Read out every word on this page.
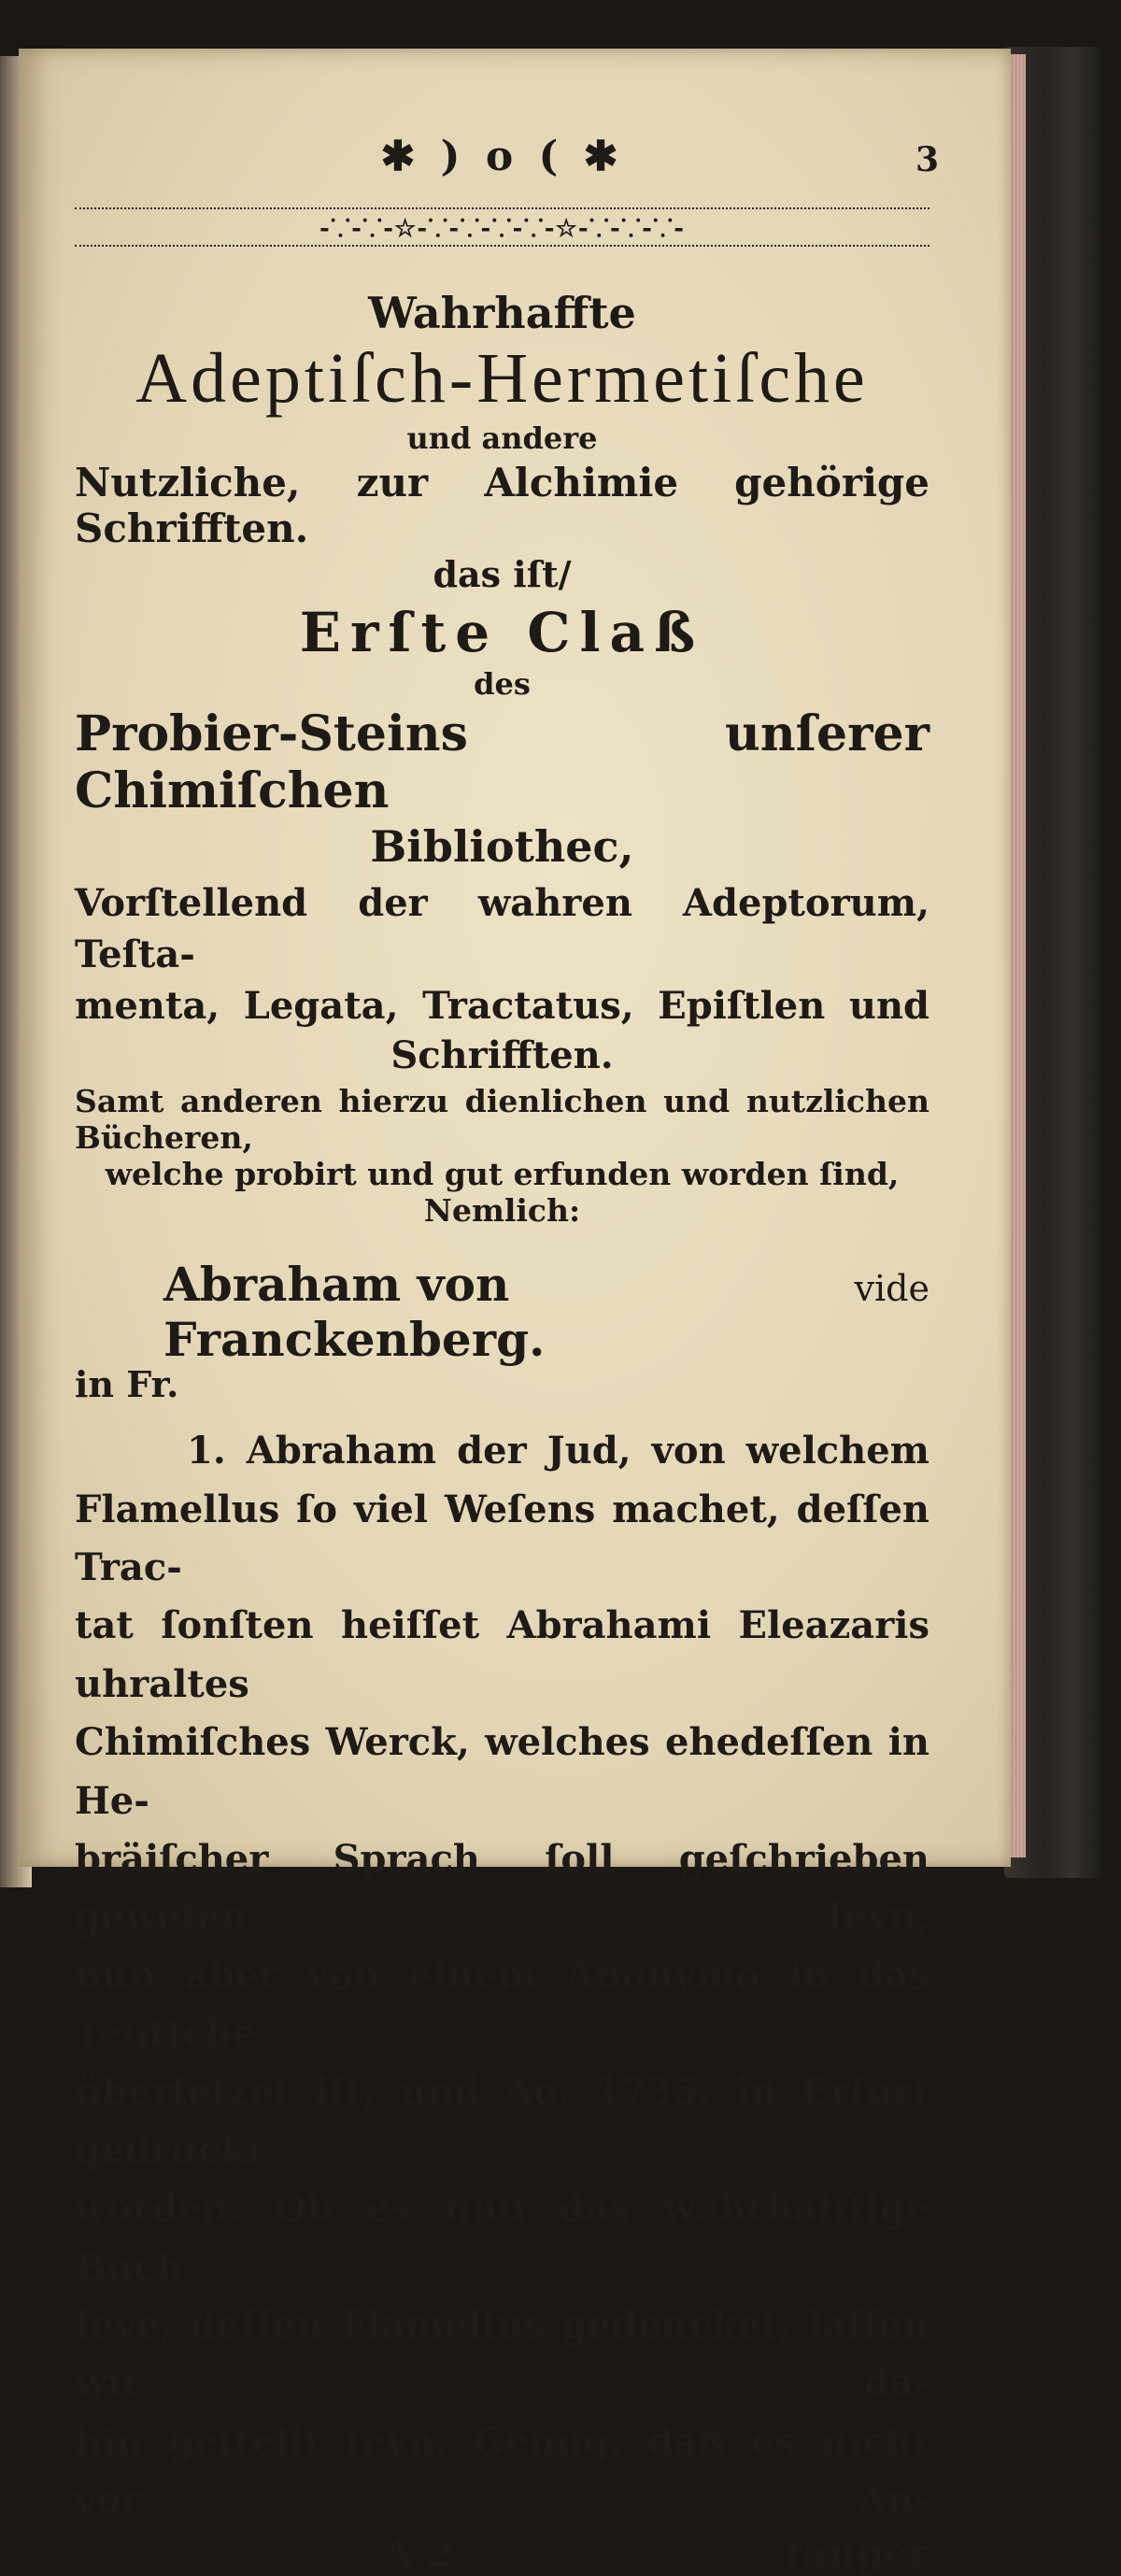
✱ ) o ( ✱	3
-⸪-⸪-☆-⸪-⸪-⸪-⸪-☆-⸪-⸪-⸪-
Wahrhaffte
Adeptiſch-Hermetiſche
und andere
Nutzliche, zur Alchimie gehörige Schrifften.
das iſt/
Erſte Claß
des
Probier-Steins unſerer Chimiſchen
Bibliothec,
Vorſtellend der wahren Adeptorum, Teſta-
menta, Legata, Tractatus, Epiſtlen und
Schrifften.
Samt anderen hierzu dienlichen und nutzlichen Bücheren,
welche probirt und gut erfunden worden ſind,
Nemlich:
Abraham von Franckenberg.
vide
in Fr.
1. Abraham der Jud, von welchem
Flamellus ſo viel Weſens machet, deſſen Trac-
tat ſonſten heiſſet Abrahami Eleazaris uhraltes
Chimiſches Werck, welches ehedeſſen in He-
bräiſcher Sprach ſoll geſchrieben geweſen ſeyn,
nun aber von einem Anonymo in das Teutſche
überſetzet iſt, und Ao. 1735. in Erfurt gedruckt
worden. Ob es nun das wahrhafftige Buch
ſeye, deſſen Flamellus gedencket, laſſen wir da-
hin geſtellt ſeyn. Genug, daß es nicht vor An-
A 2	fänger
